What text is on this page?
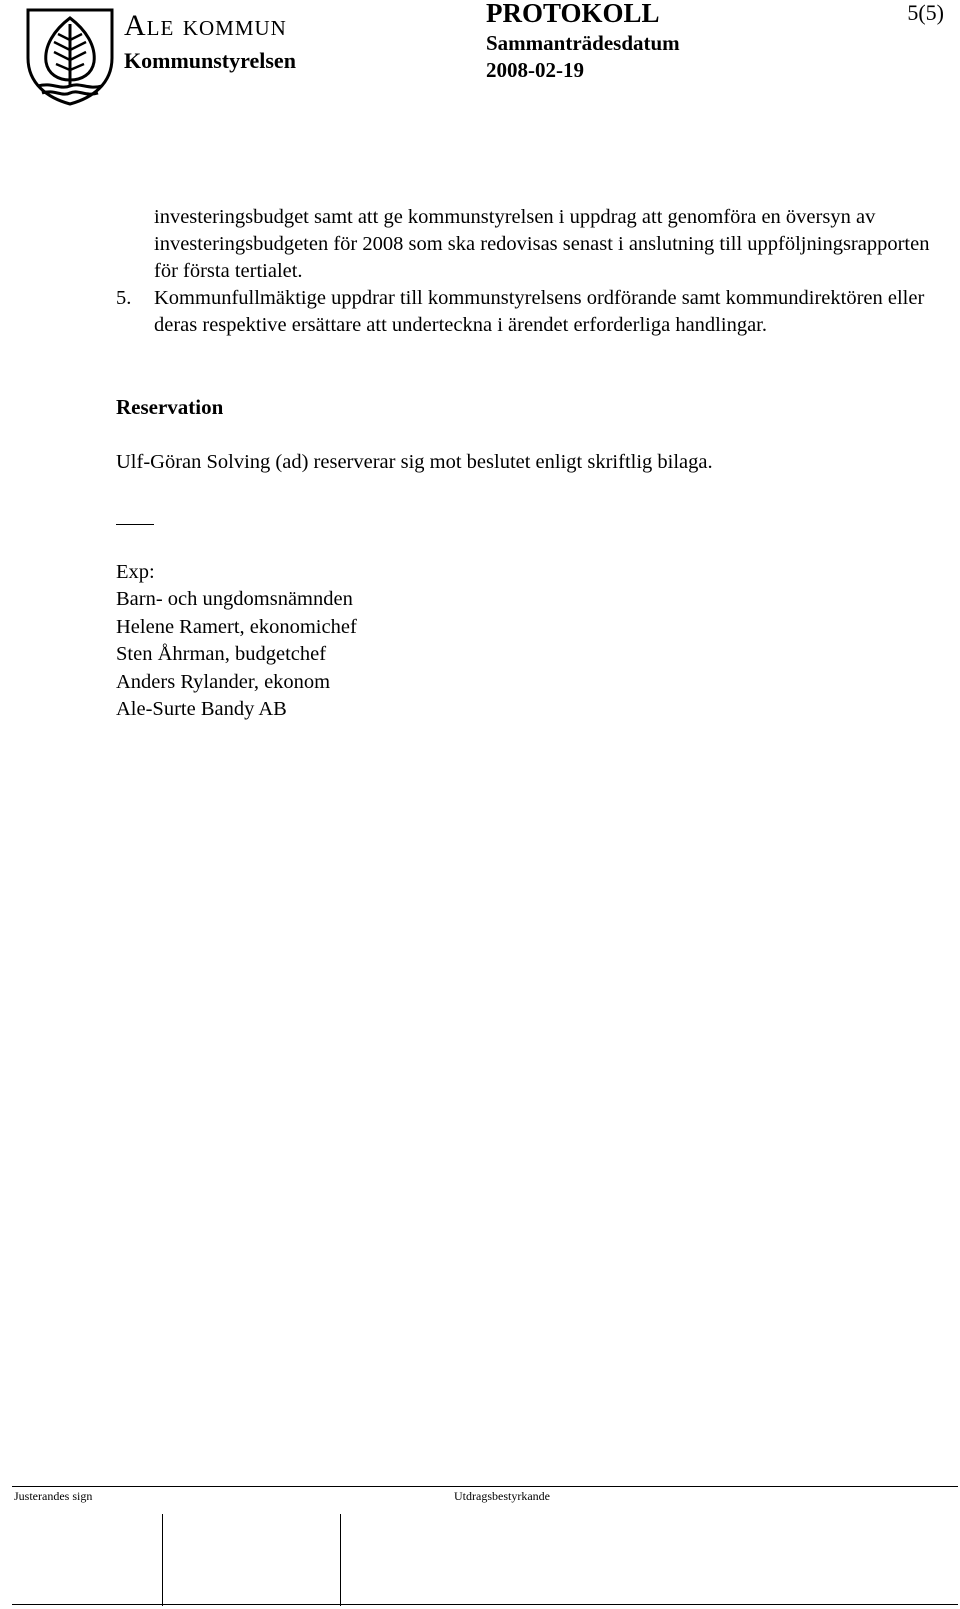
Ale kommun
Kommunstyrelsen
PROTOKOLL
Sammanträdesdatum
2008-02-19
5(5)

investeringsbudget samt att ge kommunstyrelsen i uppdrag att genomföra en översyn av investeringsbudgeten för 2008 som ska redovisas senast i anslutning till uppföljningsrapporten för första tertialet.

5. Kommunfullmäktige uppdrar till kommunstyrelsens ordförande samt kommundirektören eller deras respektive ersättare att underteckna i ärendet erforderliga handlingar.

Reservation
Ulf-Göran Solving (ad) reserverar sig mot beslutet enligt skriftlig bilaga.
Exp:
Barn- och ungdomsnämnden
Helene Ramert, ekonomichef
Sten Åhrman, budgetchef
Anders Rylander, ekonom
Ale-Surte Bandy AB
Justerandes sign	Utdragsbestyrkande
